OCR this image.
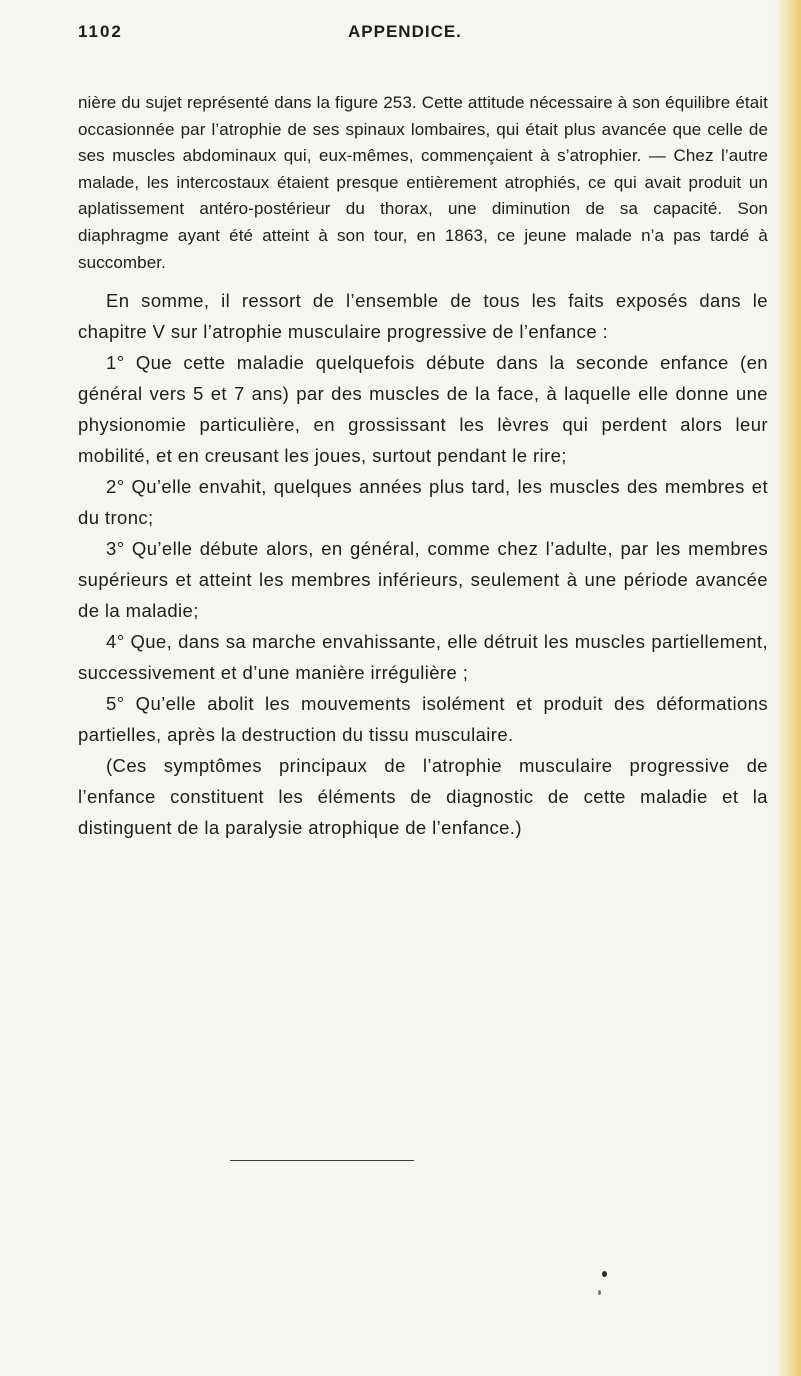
1102	APPENDICE.

nière du sujet représenté dans la figure 253. Cette attitude nécessaire à son équilibre était occasionnée par l’atrophie de ses spinaux lombaires, qui était plus avancée que celle de ses muscles abdominaux qui, eux-mêmes, commençaient à s’atrophier. — Chez l’autre malade, les intercostaux étaient presque entièrement atrophiés, ce qui avait produit un aplatissement antéro-postérieur du thorax, une diminution de sa capacité. Son diaphragme ayant été atteint à son tour, en 1863, ce jeune malade n’a pas tardé à succomber.

En somme, il ressort de l’ensemble de tous les faits exposés dans le chapitre V sur l’atrophie musculaire progressive de l’enfance :

1° Que cette maladie quelquefois débute dans la seconde enfance (en général vers 5 et 7 ans) par des muscles de la face, à laquelle elle donne une physionomie particulière, en grossissant les lèvres qui perdent alors leur mobilité, et en creusant les joues, surtout pendant le rire;

2° Qu’elle envahit, quelques années plus tard, les muscles des membres et du tronc;

3° Qu’elle débute alors, en général, comme chez l’adulte, par les membres supérieurs et atteint les membres inférieurs, seulement à une période avancée de la maladie;

4° Que, dans sa marche envahissante, elle détruit les muscles partiellement, successivement et d’une manière irrégulière ;

5° Qu’elle abolit les mouvements isolément et produit des déformations partielles, après la destruction du tissu musculaire.

(Ces symptômes principaux de l’atrophie musculaire progressive de l’enfance constituent les éléments de diagnostic de cette maladie et la distinguent de la paralysie atrophique de l’enfance.)
